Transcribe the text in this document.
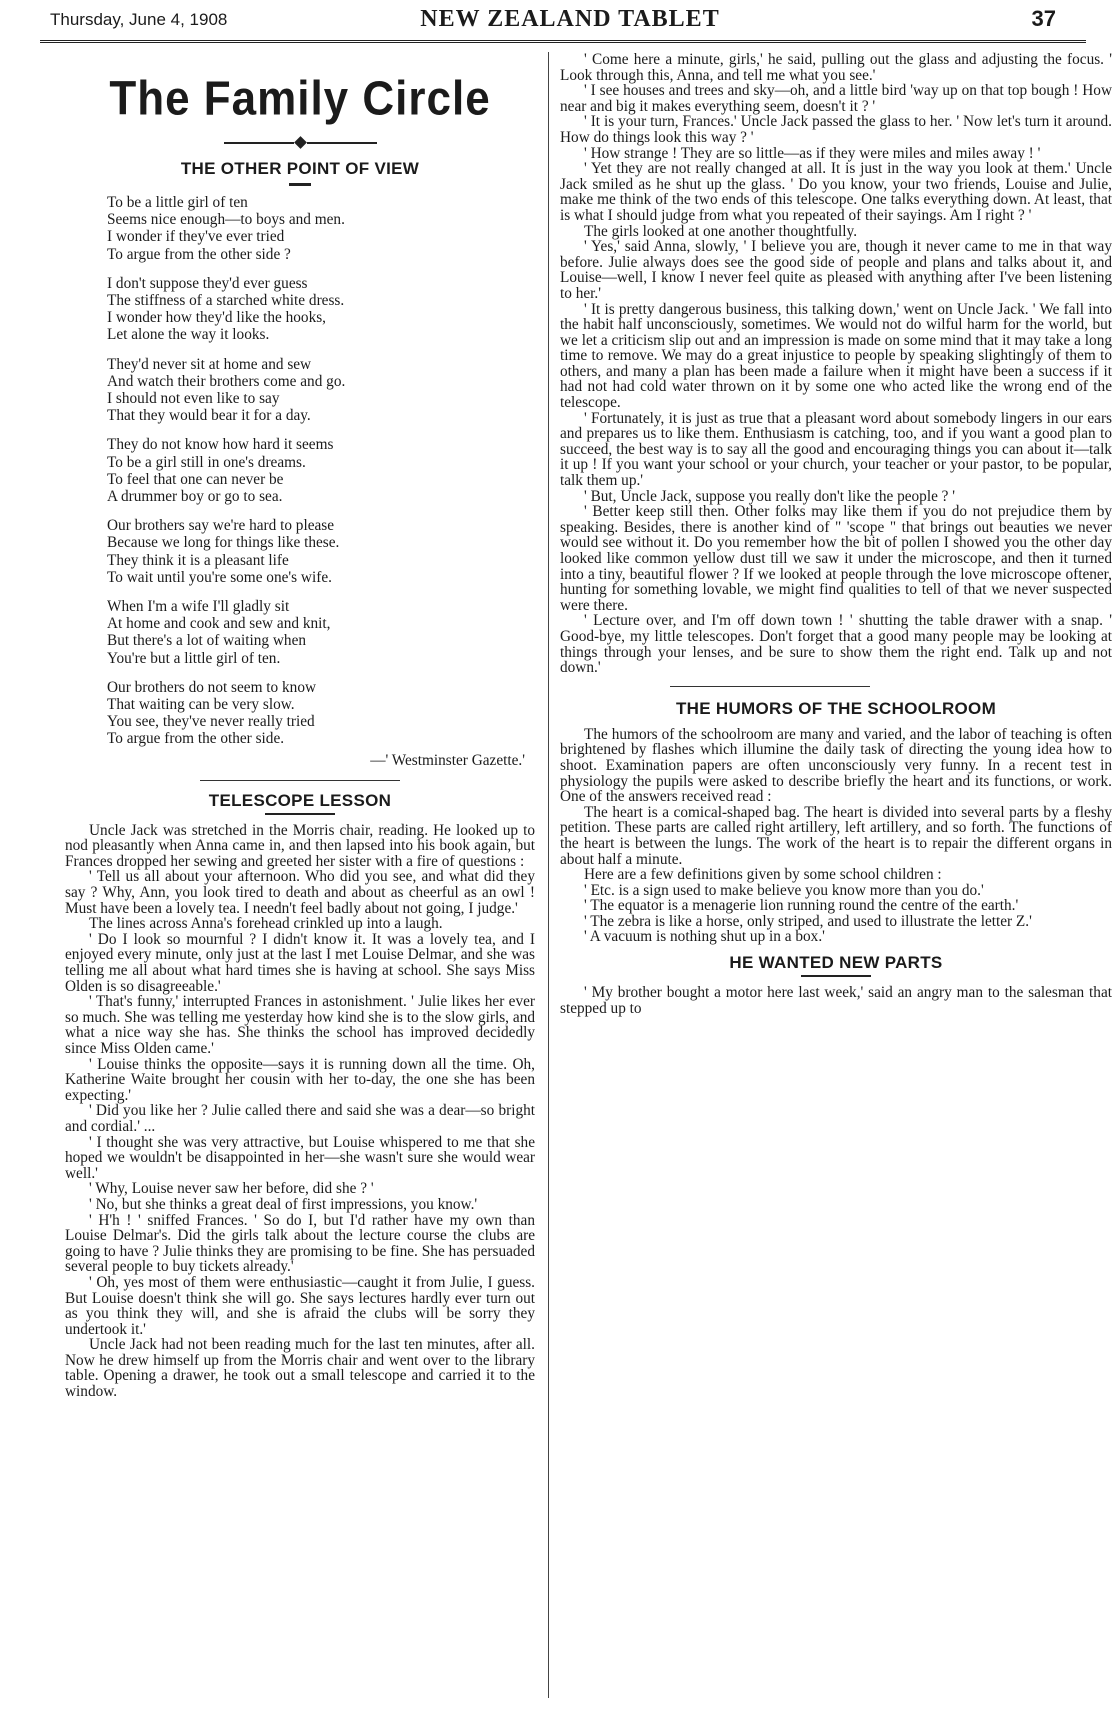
Thursday, June 4, 1908	NEW ZEALAND TABLET	37
The Family Circle
THE OTHER POINT OF VIEW
To be a little girl of ten
Seems nice enough—to boys and men.
I wonder if they've ever tried
To argue from the other side ?
I don't suppose they'd ever guess
The stiffness of a starched white dress.
I wonder how they'd like the hooks,
Let alone the way it looks.
They'd never sit at home and sew
And watch their brothers come and go.
I should not even like to say
That they would bear it for a day.
They do not know how hard it seems
To be a girl still in one's dreams.
To feel that one can never be
A drummer boy or go to sea.
Our brothers say we're hard to please
Because we long for things like these.
They think it is a pleasant life
To wait until you're some one's wife.
When I'm a wife I'll gladly sit
At home and cook and sew and knit,
But there's a lot of waiting when
You're but a little girl of ten.
Our brothers do not seem to know
That waiting can be very slow.
You see, they've never really tried
To argue from the other side.
—' Westminster Gazette.'
TELESCOPE LESSON

Uncle Jack was stretched in the Morris chair, reading. He looked up to nod pleasantly when Anna came in, and then lapsed into his book again, but Frances dropped her sewing and greeted her sister with a fire of questions :

' Tell us all about your afternoon. Who did you see, and what did they say ? Why, Ann, you look tired to death and about as cheerful as an owl ! Must have been a lovely tea. I needn't feel badly about not going, I judge.'

The lines across Anna's forehead crinkled up into a laugh.

' Do I look so mournful ? I didn't know it. It was a lovely tea, and I enjoyed every minute, only just at the last I met Louise Delmar, and she was telling me all about what hard times she is having at school. She says Miss Olden is so disagreeable.'

' That's funny,' interrupted Frances in astonishment. ' Julie likes her ever so much. She was telling me yesterday how kind she is to the slow girls, and what a nice way she has. She thinks the school has improved decidedly since Miss Olden came.'

' Louise thinks the opposite—says it is running down all the time. Oh, Katherine Waite brought her cousin with her to-day, the one she has been expecting.'

' Did you like her ? Julie called there and said she was a dear—so bright and cordial.' ...

' I thought she was very attractive, but Louise whispered to me that she hoped we wouldn't be disappointed in her—she wasn't sure she would wear well.'

' Why, Louise never saw her before, did she ? '

' No, but she thinks a great deal of first impressions, you know.'

' H'h ! ' sniffed Frances. ' So do I, but I'd rather have my own than Louise Delmar's. Did the girls talk about the lecture course the clubs are going to have ? Julie thinks they are promising to be fine. She has persuaded several people to buy tickets already.'

' Oh, yes most of them were enthusiastic—caught it from Julie, I guess. But Louise doesn't think she will go. She says lectures hardly ever turn out as you think they will, and she is afraid the clubs will be sorry they undertook it.'

Uncle Jack had not been reading much for the last ten minutes, after all. Now he drew himself up from the Morris chair and went over to the library table. Opening a drawer, he took out a small telescope and carried it to the window.

' Come here a minute, girls,' he said, pulling out the glass and adjusting the focus. ' Look through this, Anna, and tell me what you see.'

' I see houses and trees and sky—oh, and a little bird 'way up on that top bough ! How near and big it makes everything seem, doesn't it ? '

' It is your turn, Frances.' Uncle Jack passed the glass to her. ' Now let's turn it around. How do things look this way ? '

' How strange ! They are so little—as if they were miles and miles away ! '

' Yet they are not really changed at all. It is just in the way you look at them.' Uncle Jack smiled as he shut up the glass. ' Do you know, your two friends, Louise and Julie, make me think of the two ends of this telescope. One talks everything down. At least, that is what I should judge from what you repeated of their sayings. Am I right ? '

The girls looked at one another thoughtfully.

' Yes,' said Anna, slowly, ' I believe you are, though it never came to me in that way before. Julie always does see the good side of people and plans and talks about it, and Louise—well, I know I never feel quite as pleased with anything after I've been listening to her.'

' It is pretty dangerous business, this talking down,' went on Uncle Jack. ' We fall into the habit half unconsciously, sometimes. We would not do wilful harm for the world, but we let a criticism slip out and an impression is made on some mind that it may take a long time to remove. We may do a great injustice to people by speaking slightingly of them to others, and many a plan has been made a failure when it might have been a success if it had not had cold water thrown on it by some one who acted like the wrong end of the telescope.

' Fortunately, it is just as true that a pleasant word about somebody lingers in our ears and prepares us to like them. Enthusiasm is catching, too, and if you want a good plan to succeed, the best way is to say all the good and encouraging things you can about it—talk it up ! If you want your school or your church, your teacher or your pastor, to be popular, talk them up.'

' But, Uncle Jack, suppose you really don't like the people ? '

' Better keep still then. Other folks may like them if you do not prejudice them by speaking. Besides, there is another kind of " 'scope " that brings out beauties we never would see without it. Do you remember how the bit of pollen I showed you the other day looked like common yellow dust till we saw it under the microscope, and then it turned into a tiny, beautiful flower ? If we looked at people through the love microscope oftener, hunting for something lovable, we might find qualities to tell of that we never suspected were there.

' Lecture over, and I'm off down town ! ' shutting the table drawer with a snap. ' Good-bye, my little telescopes. Don't forget that a good many people may be looking at things through your lenses, and be sure to show them the right end. Talk up and not down.'

THE HUMORS OF THE SCHOOLROOM

The humors of the schoolroom are many and varied, and the labor of teaching is often brightened by flashes which illumine the daily task of directing the young idea how to shoot. Examination papers are often unconsciously very funny. In a recent test in physiology the pupils were asked to describe briefly the heart and its functions, or work. One of the answers received read :

The heart is a comical-shaped bag. The heart is divided into several parts by a fleshy petition. These parts are called right artillery, left artillery, and so forth. The functions of the heart is between the lungs. The work of the heart is to repair the different organs in about half a minute.

Here are a few definitions given by some school children :

' Etc. is a sign used to make believe you know more than you do.'

' The equator is a menagerie lion running round the centre of the earth.'

' The zebra is like a horse, only striped, and used to illustrate the letter Z.'

' A vacuum is nothing shut up in a box.'

HE WANTED NEW PARTS

' My brother bought a motor here last week,' said an angry man to the salesman that stepped up to
